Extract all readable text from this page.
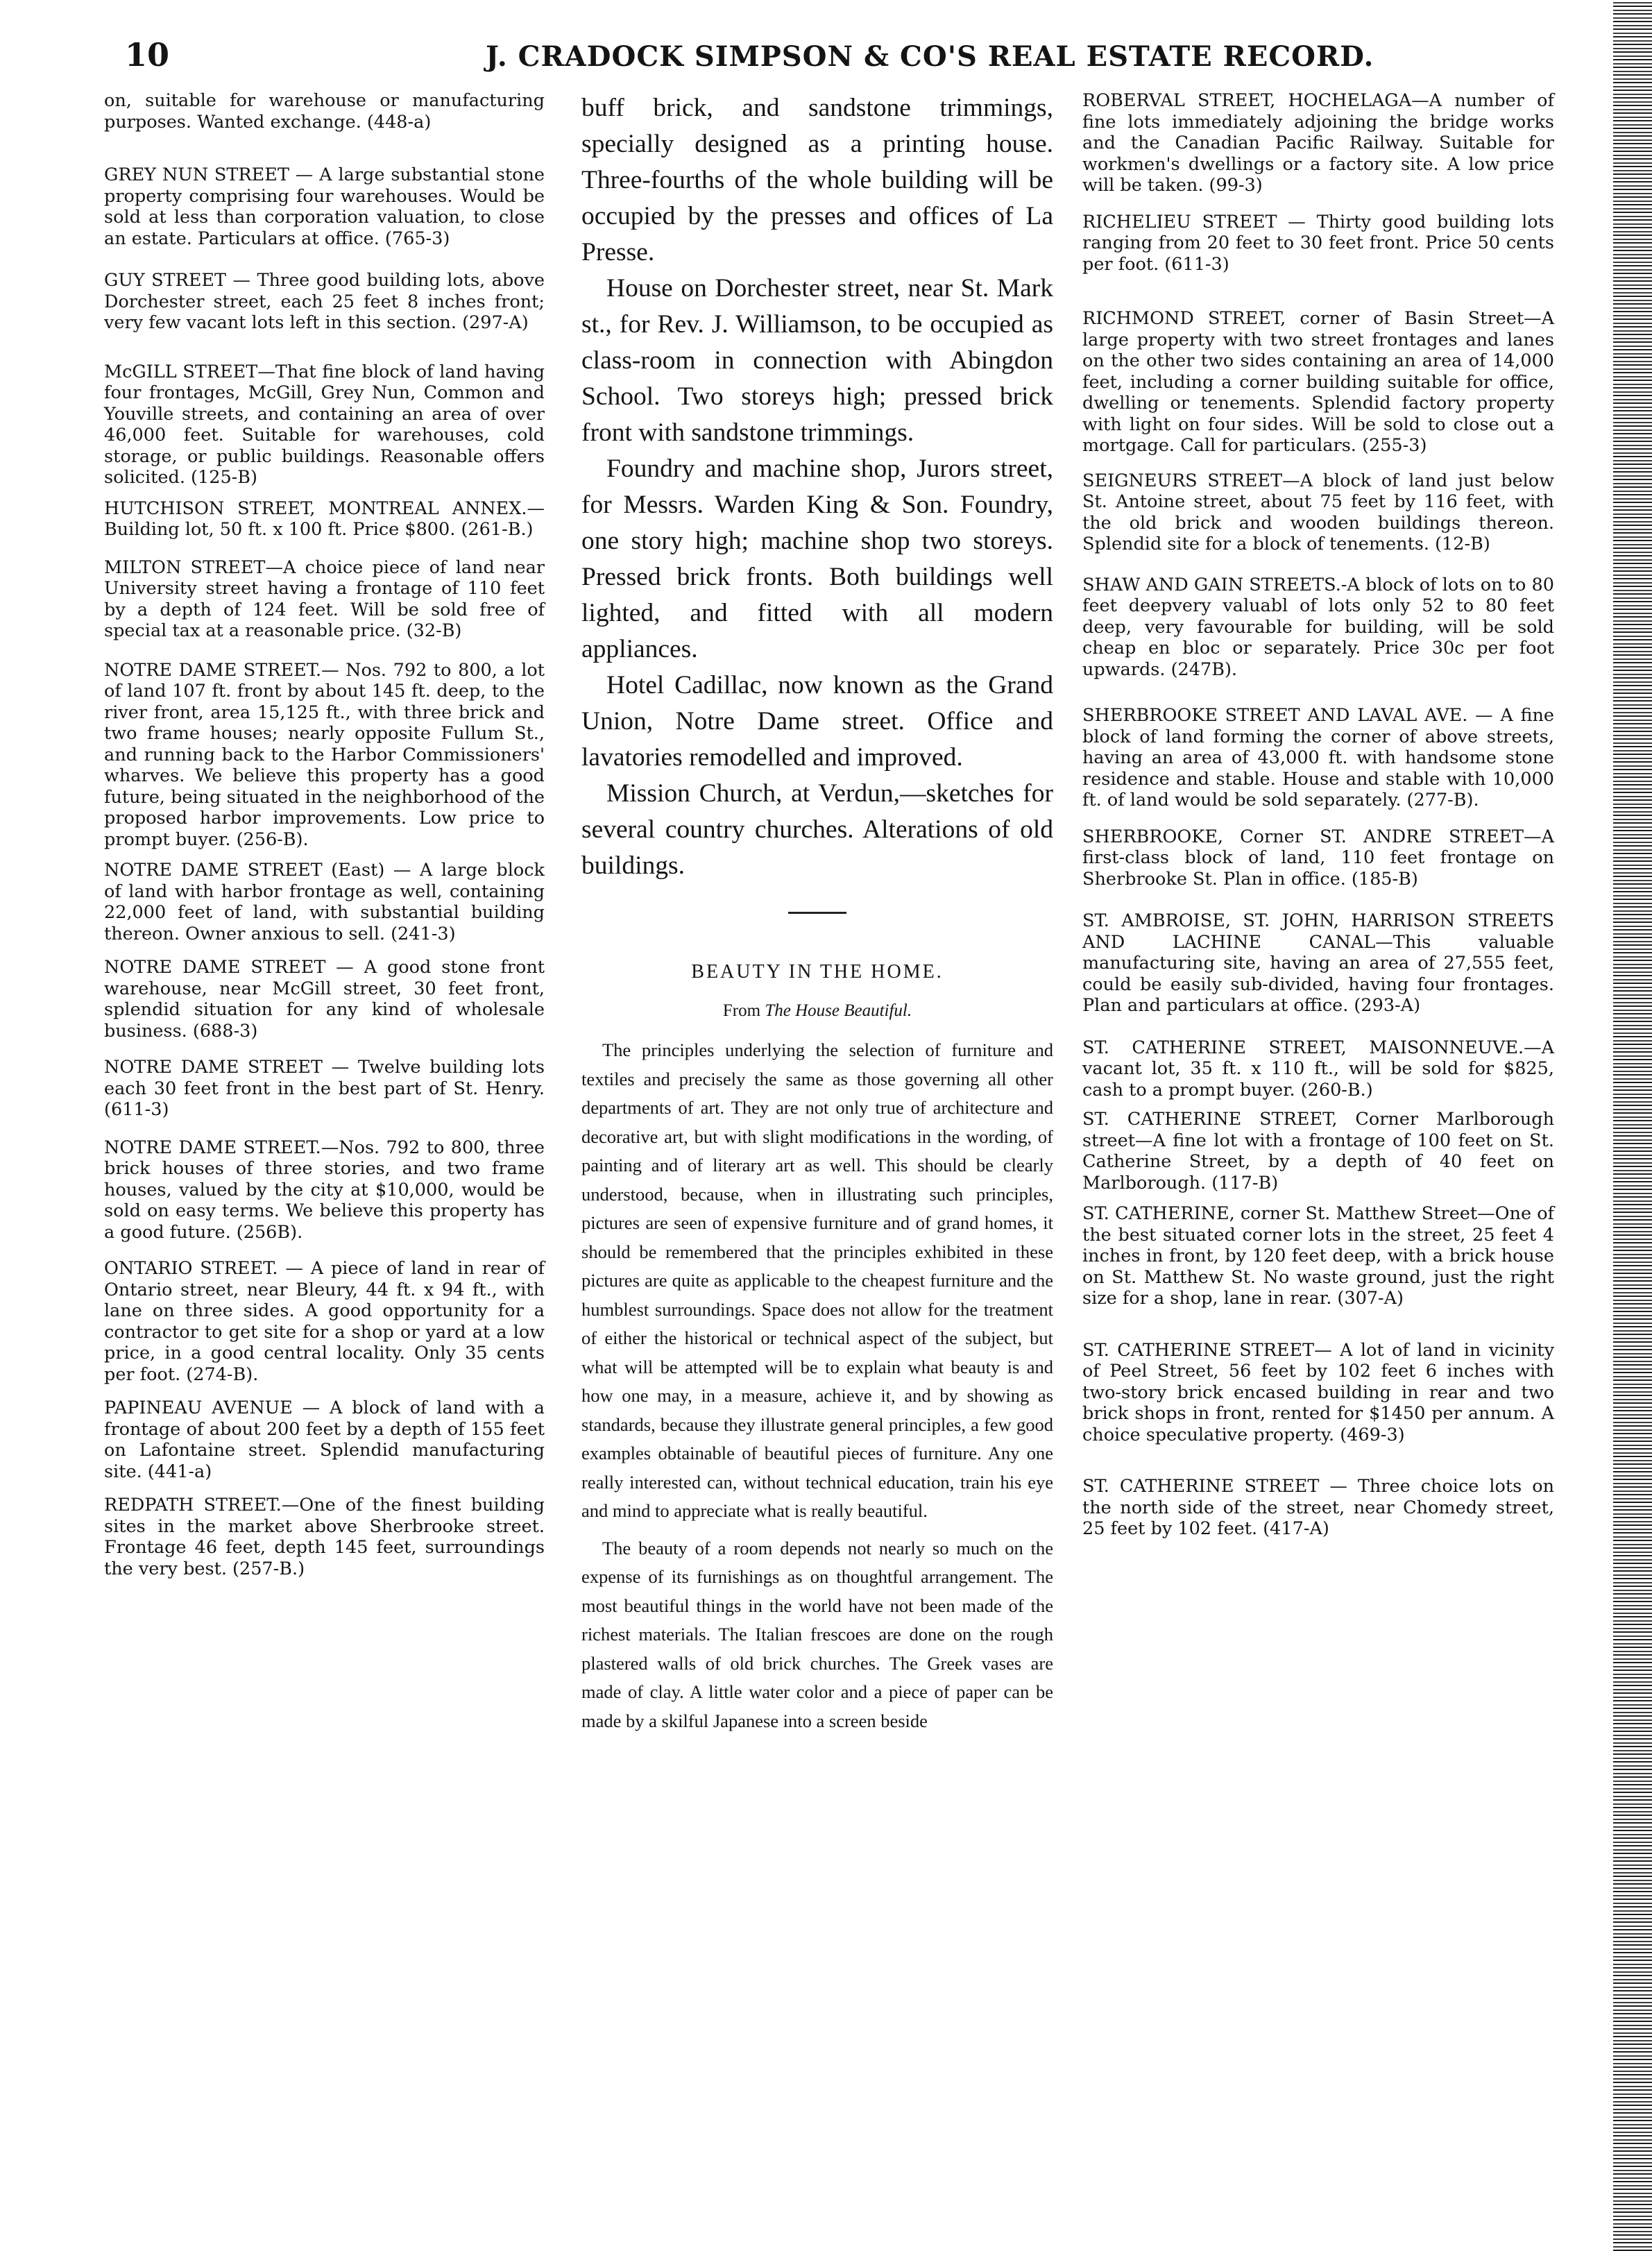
10	J. CRADOCK SIMPSON & CO'S REAL ESTATE RECORD.

on, suitable for warehouse or manufacturing purposes. Wanted exchange. (448-a)

GREY NUN STREET — A large substantial stone property comprising four warehouses. Would be sold at less than corporation valuation, to close an estate. Particulars at office. (765-3)

GUY STREET — Three good building lots, above Dorchester street, each 25 feet 8 inches front; very few vacant lots left in this section. (297-A)

McGILL STREET—That fine block of land having four frontages, McGill, Grey Nun, Common and Youville streets, and containing an area of over 46,000 feet. Suitable for warehouses, cold storage, or public buildings. Reasonable offers solicited. (125-B)

HUTCHISON STREET, MONTREAL ANNEX.—Building lot, 50 ft. x 100 ft. Price $800. (261-B.)

MILTON STREET—A choice piece of land near University street having a frontage of 110 feet by a depth of 124 feet. Will be sold free of special tax at a reasonable price. (32-B)

NOTRE DAME STREET.— Nos. 792 to 800, a lot of land 107 ft. front by about 145 ft. deep, to the river front, area 15,125 ft., with three brick and two frame houses; nearly opposite Fullum St., and running back to the Harbor Commissioners' wharves. We believe this property has a good future, being situated in the neighborhood of the proposed harbor improvements. Low price to prompt buyer. (256-B).

NOTRE DAME STREET (East) — A large block of land with harbor frontage as well, containing 22,000 feet of land, with substantial building thereon. Owner anxious to sell. (241-3)

NOTRE DAME STREET — A good stone front warehouse, near McGill street, 30 feet front, splendid situation for any kind of wholesale business. (688-3)

NOTRE DAME STREET — Twelve building lots each 30 feet front in the best part of St. Henry. (611-3)

NOTRE DAME STREET.—Nos. 792 to 800, three brick houses of three stories, and two frame houses, valued by the city at $10,000, would be sold on easy terms. We believe this property has a good future. (256B).

ONTARIO STREET. — A piece of land in rear of Ontario street, near Bleury, 44 ft. x 94 ft., with lane on three sides. A good opportunity for a contractor to get site for a shop or yard at a low price, in a good central locality. Only 35 cents per foot. (274-B).

PAPINEAU AVENUE — A block of land with a frontage of about 200 feet by a depth of 155 feet on Lafontaine street. Splendid manufacturing site. (441-a)

REDPATH STREET.—One of the finest building sites in the market above Sherbrooke street. Frontage 46 feet, depth 145 feet, surroundings the very best. (257-B.)

buff brick, and sandstone trimmings, specially designed as a printing house. Three-fourths of the whole building will be occupied by the presses and offices of La Presse.

House on Dorchester street, near St. Mark st., for Rev. J. Williamson, to be occupied as class-room in connection with Abingdon School. Two storeys high; pressed brick front with sandstone trimmings.

Foundry and machine shop, Jurors street, for Messrs. Warden King & Son. Foundry, one story high; machine shop two storeys. Pressed brick fronts. Both buildings well lighted, and fitted with all modern appliances.

Hotel Cadillac, now known as the Grand Union, Notre Dame street. Office and lavatories remodelled and improved.

Mission Church, at Verdun,—sketches for several country churches. Alterations of old buildings.

BEAUTY IN THE HOME.
From The House Beautiful.

The principles underlying the selection of furniture and textiles and precisely the same as those governing all other departments of art. They are not only true of architecture and decorative art, but with slight modifications in the wording, of painting and of literary art as well. This should be clearly understood, because, when in illustrating such principles, pictures are seen of expensive furniture and of grand homes, it should be remembered that the principles exhibited in these pictures are quite as applicable to the cheapest furniture and the humblest surroundings. Space does not allow for the treatment of either the historical or technical aspect of the subject, but what will be attempted will be to explain what beauty is and how one may, in a measure, achieve it, and by showing as standards, because they illustrate general principles, a few good examples obtainable of beautiful pieces of furniture. Any one really interested can, without technical education, train his eye and mind to appreciate what is really beautiful.

The beauty of a room depends not nearly so much on the expense of its furnishings as on thoughtful arrangement. The most beautiful things in the world have not been made of the richest materials. The Italian frescoes are done on the rough plastered walls of old brick churches. The Greek vases are made of clay. A little water color and a piece of paper can be made by a skilful Japanese into a screen beside

ROBERVAL STREET, HOCHELAGA—A number of fine lots immediately adjoining the bridge works and the Canadian Pacific Railway. Suitable for workmen's dwellings or a factory site. A low price will be taken. (99-3)

RICHELIEU STREET — Thirty good building lots ranging from 20 feet to 30 feet front. Price 50 cents per foot. (611-3)

RICHMOND STREET, corner of Basin Street—A large property with two street frontages and lanes on the other two sides containing an area of 14,000 feet, including a corner building suitable for office, dwelling or tenements. Splendid factory property with light on four sides. Will be sold to close out a mortgage. Call for particulars. (255-3)

SEIGNEURS STREET—A block of land just below St. Antoine street, about 75 feet by 116 feet, with the old brick and wooden buildings thereon. Splendid site for a block of tenements. (12-B)

SHAW AND GAIN STREETS.-A block of lots on to 80 feet deepvery valuabl of lots only 52 to 80 feet deep, very favourable for building, will be sold cheap en bloc or separately. Price 30c per foot upwards. (247B).

SHERBROOKE STREET AND LAVAL AVE. — A fine block of land forming the corner of above streets, having an area of 43,000 ft. with handsome stone residence and stable. House and stable with 10,000 ft. of land would be sold separately. (277-B).

SHERBROOKE, Corner ST. ANDRE STREET—A first-class block of land, 110 feet frontage on Sherbrooke St. Plan in office. (185-B)

ST. AMBROISE, ST. JOHN, HARRISON STREETS AND LACHINE CANAL—This valuable manufacturing site, having an area of 27,555 feet, could be easily sub-divided, having four frontages. Plan and particulars at office. (293-A)

ST. CATHERINE STREET, MAISONNEUVE.—A vacant lot, 35 ft. x 110 ft., will be sold for $825, cash to a prompt buyer. (260-B.)

ST. CATHERINE STREET, Corner Marlborough street—A fine lot with a frontage of 100 feet on St. Catherine Street, by a depth of 40 feet on Marlborough. (117-B)

ST. CATHERINE, corner St. Matthew Street—One of the best situated corner lots in the street, 25 feet 4 inches in front, by 120 feet deep, with a brick house on St. Matthew St. No waste ground, just the right size for a shop, lane in rear. (307-A)

ST. CATHERINE STREET— A lot of land in vicinity of Peel Street, 56 feet by 102 feet 6 inches with two-story brick encased building in rear and two brick shops in front, rented for $1450 per annum. A choice speculative property. (469-3)

ST. CATHERINE STREET — Three choice lots on the north side of the street, near Chomedy street, 25 feet by 102 feet. (417-A)
